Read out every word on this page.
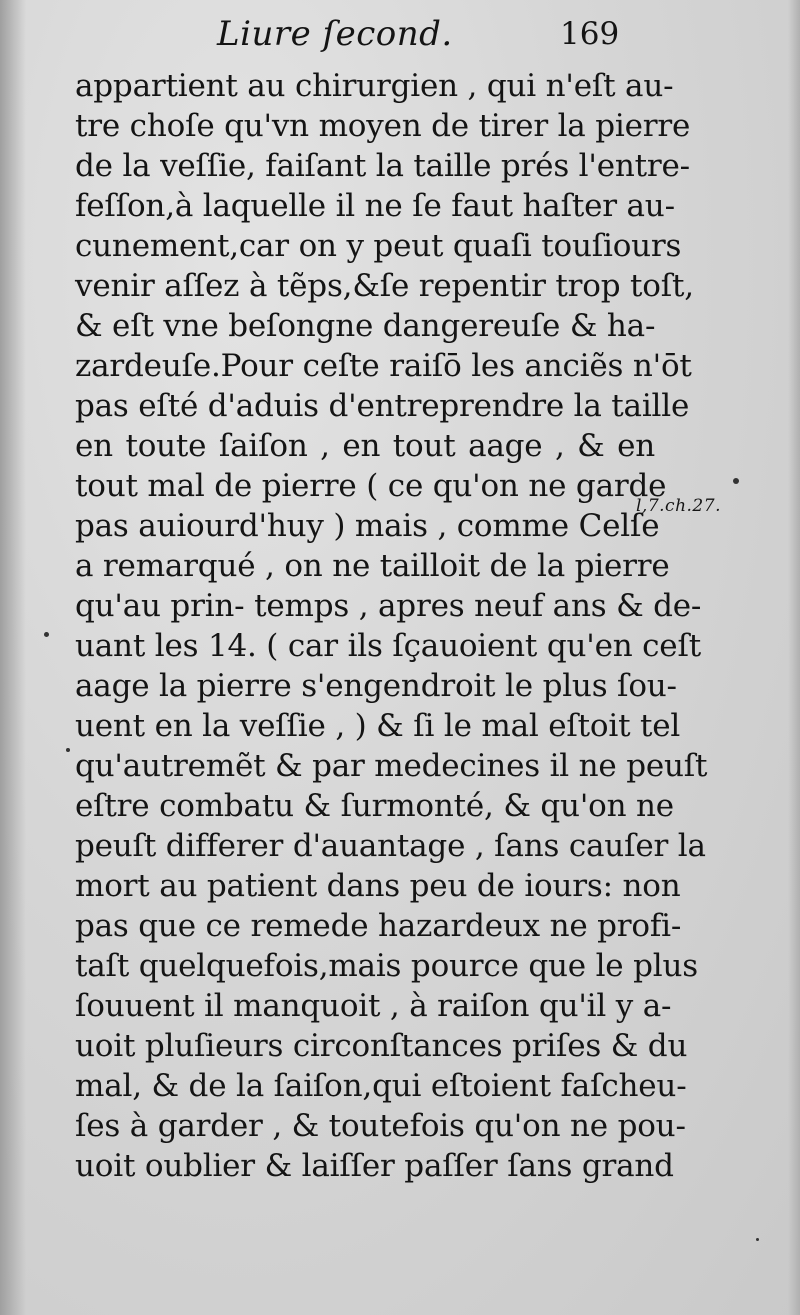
Liure ſecond.	169
appartient au chirurgien , qui n'eſt au-
tre choſe qu'vn moyen de tirer la pierre
de la veſſie, faiſant la taille prés l'entre-
feſſon,à laquelle il ne ſe faut haſter au-
cunement,car on y peut quaſi touſiours
venir aſſez à tẽps,&ſe repentir trop toſt,
& eſt vne beſongne dangereuſe & ha-
zardeuſe.Pour ceſte raiſō les anciẽs n'ōt
pas eſté d'aduis d'entreprendre la taille
en toute ſaiſon , en tout aage , & en
tout mal de pierre ( ce qu'on ne garde
pas auiourd'huy ) mais , comme Celſe
a remarqué , on ne tailloit de la pierre
qu'au prin- temps , apres neuf ans & de-
uant les 14. ( car ils ſçauoient qu'en ceſt
aage la pierre s'engendroit le plus ſou-
uent en la veſſie , ) & ſi le mal eſtoit tel
qu'autremẽt & par medecines il ne peuſt
eſtre combatu & ſurmonté, & qu'on ne
peuſt differer d'auantage , ſans cauſer la
mort au patient dans peu de iours: non
pas que ce remede hazardeux ne profi-
taſt quelquefois,mais pource que le plus
ſouuent il manquoit , à raiſon qu'il y a-
uoit pluſieurs circonſtances priſes & du
mal, & de la ſaiſon,qui eſtoient faſcheu-
ſes à garder , & toutefois qu'on ne pou-
uoit oublier & laiſſer paſſer ſans grand
l,7.ch.27.
